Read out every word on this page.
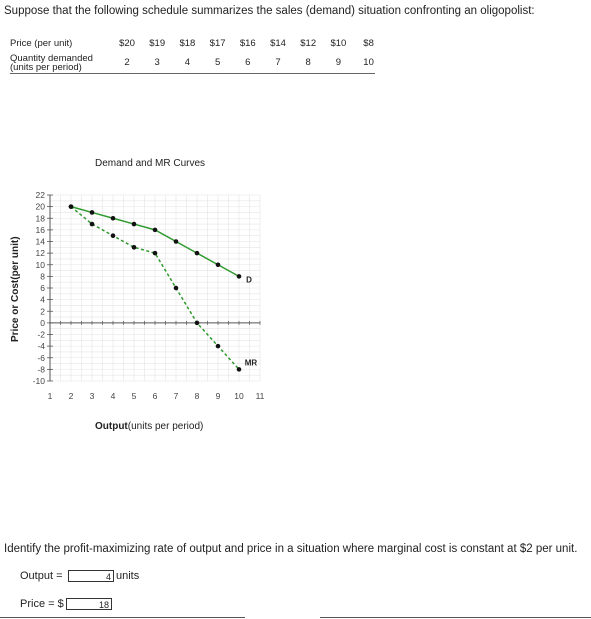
Suppose that the following schedule summarizes the sales (demand) situation confronting an oligopolist:
Price (per unit)	$20	$19	$18	$17	$16	$14	$12	$10	$8
Quantity demanded
(units per period)	2	3	4	5	6	7	8	9	10
Demand and MR Curves
Price or Cost(per unit)
22
20
18
16
14
12
10
8
6
4
2
0
-2
-4
-6
-8
-10
1 2 3 4 5 6 7 8 9 10 11
D
MR
Output(units per period)
Identify the profit-maximizing rate of output and price in a situation where marginal cost is constant at $2 per unit.
Output =	4 units
Price = $	18
